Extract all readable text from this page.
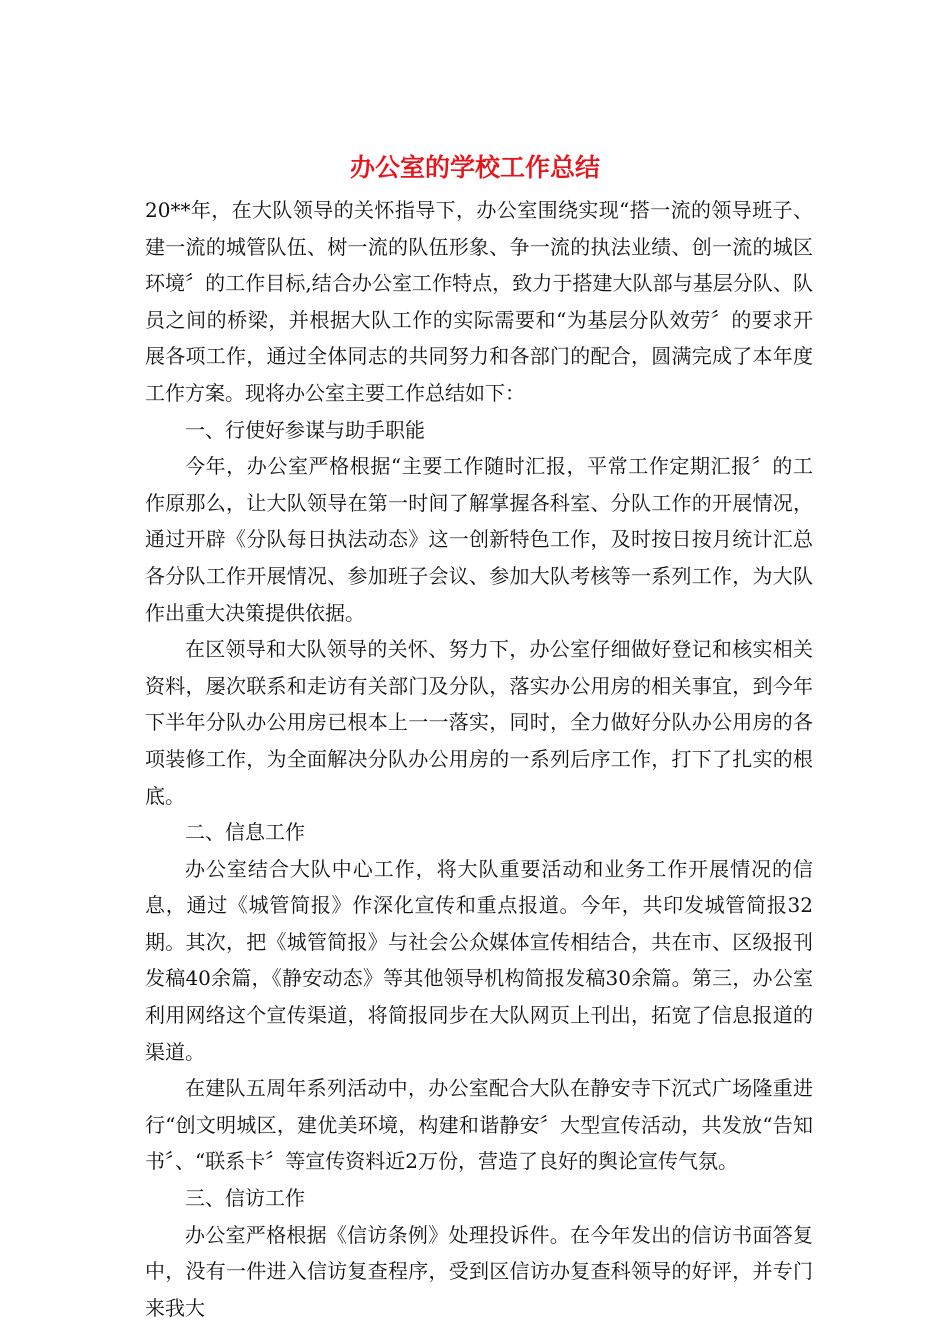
办公室的学校工作总结

20**年，在大队领导的关怀指导下，办公室围绕实现“搭一流的领导班子、建一流的城管队伍、树一流的队伍形象、争一流的执法业绩、创一流的城区环境〞的工作目标,结合办公室工作特点，致力于搭建大队部与基层分队、队员之间的桥梁，并根据大队工作的实际需要和“为基层分队效劳〞的要求开展各项工作，通过全体同志的共同努力和各部门的配合，圆满完成了本年度工作方案。现将办公室主要工作总结如下：

一、行使好参谋与助手职能

今年，办公室严格根据“主要工作随时汇报，平常工作定期汇报〞的工作原那么，让大队领导在第一时间了解掌握各科室、分队工作的开展情况，通过开辟《分队每日执法动态》这一创新特色工作，及时按日按月统计汇总各分队工作开展情况、参加班子会议、参加大队考核等一系列工作，为大队作出重大决策提供依据。

在区领导和大队领导的关怀、努力下，办公室仔细做好登记和核实相关资料，屡次联系和走访有关部门及分队，落实办公用房的相关事宜，到今年下半年分队办公用房已根本上一一落实，同时，全力做好分队办公用房的各项装修工作，为全面解决分队办公用房的一系列后序工作，打下了扎实的根底。

二、信息工作

办公室结合大队中心工作，将大队重要活动和业务工作开展情况的信息，通过《城管简报》作深化宣传和重点报道。今年，共印发城管简报32期。其次，把《城管简报》与社会公众媒体宣传相结合，共在市、区级报刊发稿40余篇，《静安动态》等其他领导机构简报发稿30余篇。第三，办公室利用网络这个宣传渠道，将简报同步在大队网页上刊出，拓宽了信息报道的渠道。

在建队五周年系列活动中，办公室配合大队在静安寺下沉式广场隆重进行“创文明城区，建优美环境，构建和谐静安〞大型宣传活动，共发放“告知书〞、“联系卡〞等宣传资料近2万份，营造了良好的舆论宣传气氛。

三、信访工作

办公室严格根据《信访条例》处理投诉件。在今年发出的信访书面答复中，没有一件进入信访复查程序，受到区信访办复查科领导的好评，并专门来我大
